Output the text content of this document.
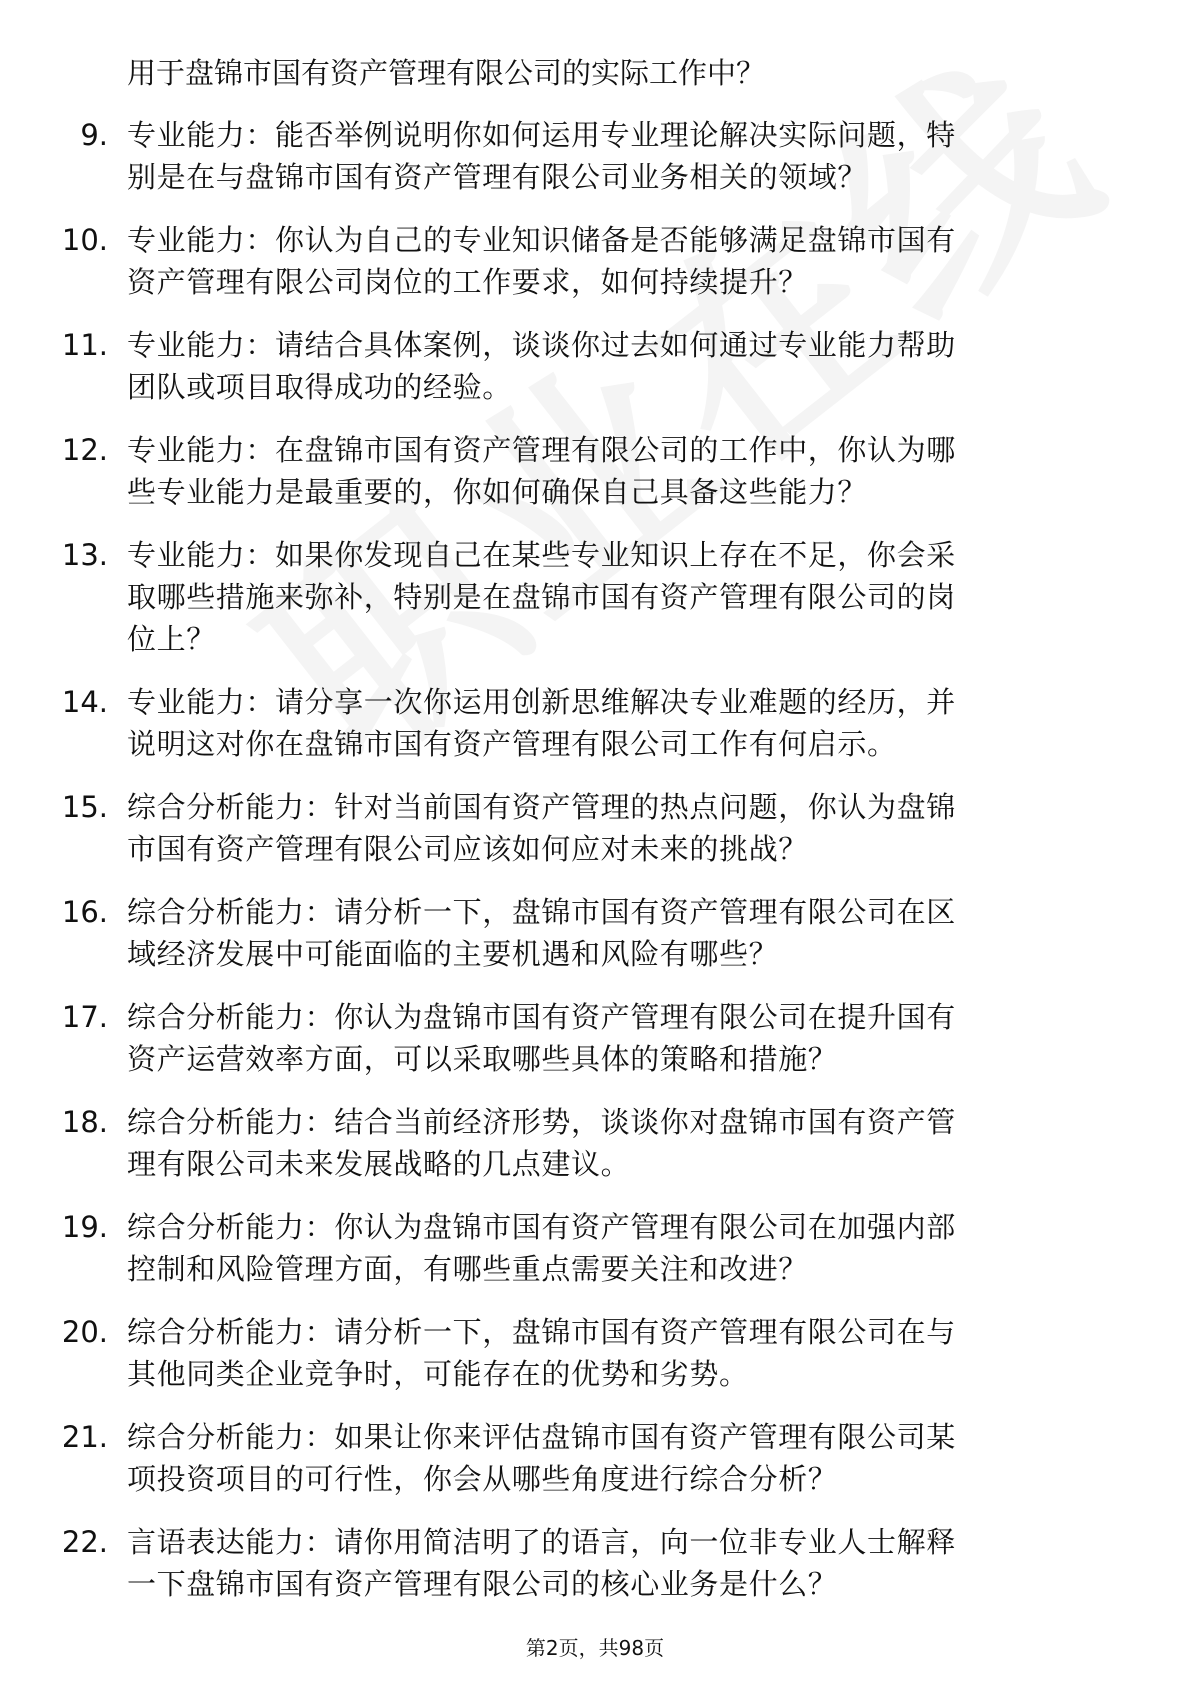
用于盘锦市国有资产管理有限公司的实际工作中？
9. 专业能力：能否举例说明你如何运用专业理论解决实际问题，特
别是在与盘锦市国有资产管理有限公司业务相关的领域？
10. 专业能力：你认为自己的专业知识储备是否能够满足盘锦市国有
资产管理有限公司岗位的工作要求，如何持续提升？
11. 专业能力：请结合具体案例，谈谈你过去如何通过专业能力帮助
团队或项目取得成功的经验。
12. 专业能力：在盘锦市国有资产管理有限公司的工作中，你认为哪
些专业能力是最重要的，你如何确保自己具备这些能力？
13. 专业能力：如果你发现自己在某些专业知识上存在不足，你会采
取哪些措施来弥补，特别是在盘锦市国有资产管理有限公司的岗
位上？
14. 专业能力：请分享一次你运用创新思维解决专业难题的经历，并
说明这对你在盘锦市国有资产管理有限公司工作有何启示。
15. 综合分析能力：针对当前国有资产管理的热点问题，你认为盘锦
市国有资产管理有限公司应该如何应对未来的挑战？
16. 综合分析能力：请分析一下，盘锦市国有资产管理有限公司在区
域经济发展中可能面临的主要机遇和风险有哪些？
17. 综合分析能力：你认为盘锦市国有资产管理有限公司在提升国有
资产运营效率方面，可以采取哪些具体的策略和措施？
18. 综合分析能力：结合当前经济形势，谈谈你对盘锦市国有资产管
理有限公司未来发展战略的几点建议。
19. 综合分析能力：你认为盘锦市国有资产管理有限公司在加强内部
控制和风险管理方面，有哪些重点需要关注和改进？
20. 综合分析能力：请分析一下，盘锦市国有资产管理有限公司在与
其他同类企业竞争时，可能存在的优势和劣势。
21. 综合分析能力：如果让你来评估盘锦市国有资产管理有限公司某
项投资项目的可行性，你会从哪些角度进行综合分析？
22. 言语表达能力：请你用简洁明了的语言，向一位非专业人士解释
一下盘锦市国有资产管理有限公司的核心业务是什么？
第2页，共98页
